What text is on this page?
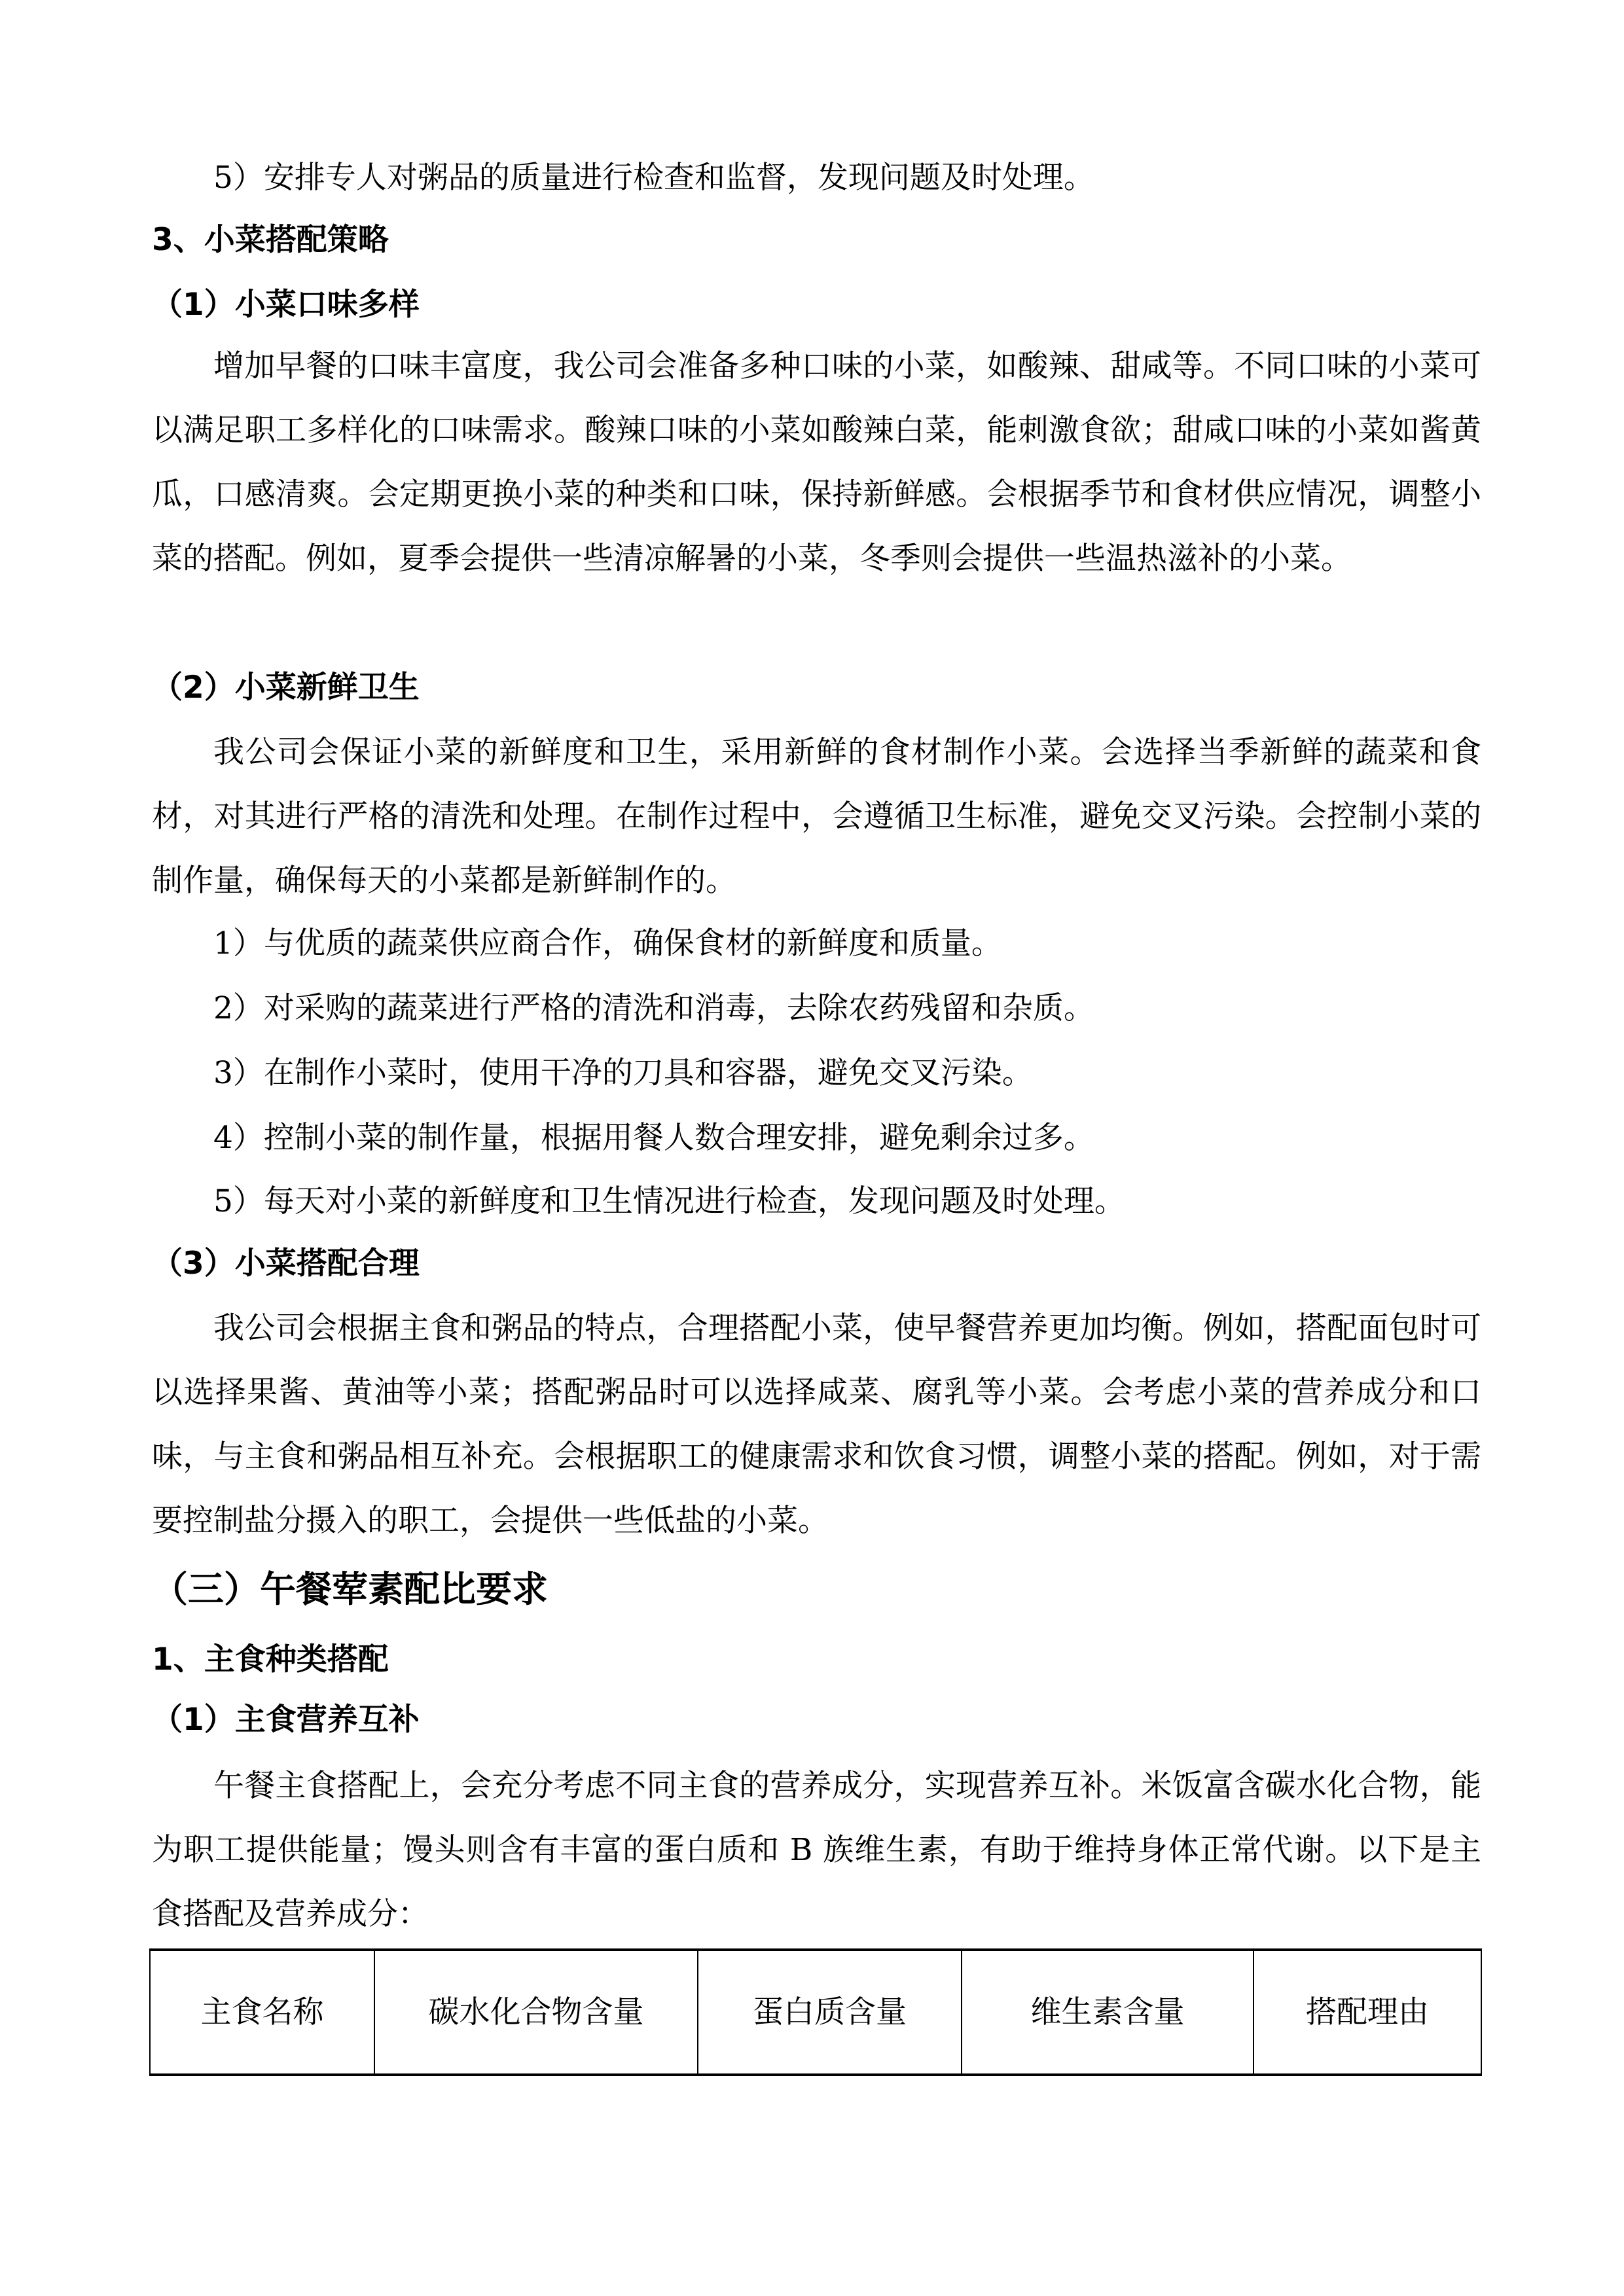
5）安排专人对粥品的质量进行检查和监督，发现问题及时处理。

3、小菜搭配策略

（1）小菜口味多样

增加早餐的口味丰富度，我公司会准备多种口味的小菜，如酸辣、甜咸等。不同口味的小菜可以满足职工多样化的口味需求。酸辣口味的小菜如酸辣白菜，能刺激食欲；甜咸口味的小菜如酱黄瓜，口感清爽。会定期更换小菜的种类和口味，保持新鲜感。会根据季节和食材供应情况，调整小菜的搭配。例如，夏季会提供一些清凉解暑的小菜，冬季则会提供一些温热滋补的小菜。

（2）小菜新鲜卫生

我公司会保证小菜的新鲜度和卫生，采用新鲜的食材制作小菜。会选择当季新鲜的蔬菜和食材，对其进行严格的清洗和处理。在制作过程中，会遵循卫生标准，避免交叉污染。会控制小菜的制作量，确保每天的小菜都是新鲜制作的。

1）与优质的蔬菜供应商合作，确保食材的新鲜度和质量。

2）对采购的蔬菜进行严格的清洗和消毒，去除农药残留和杂质。

3）在制作小菜时，使用干净的刀具和容器，避免交叉污染。

4）控制小菜的制作量，根据用餐人数合理安排，避免剩余过多。

5）每天对小菜的新鲜度和卫生情况进行检查，发现问题及时处理。

（3）小菜搭配合理

我公司会根据主食和粥品的特点，合理搭配小菜，使早餐营养更加均衡。例如，搭配面包时可以选择果酱、黄油等小菜；搭配粥品时可以选择咸菜、腐乳等小菜。会考虑小菜的营养成分和口味，与主食和粥品相互补充。会根据职工的健康需求和饮食习惯，调整小菜的搭配。例如，对于需要控制盐分摄入的职工，会提供一些低盐的小菜。

（三）午餐荤素配比要求

1、主食种类搭配

（1）主食营养互补

午餐主食搭配上，会充分考虑不同主食的营养成分，实现营养互补。米饭富含碳水化合物，能为职工提供能量；馒头则含有丰富的蛋白质和 B 族维生素，有助于维持身体正常代谢。以下是主食搭配及营养成分：

主食名称	碳水化合物含量	蛋白质含量	维生素含量	搭配理由
